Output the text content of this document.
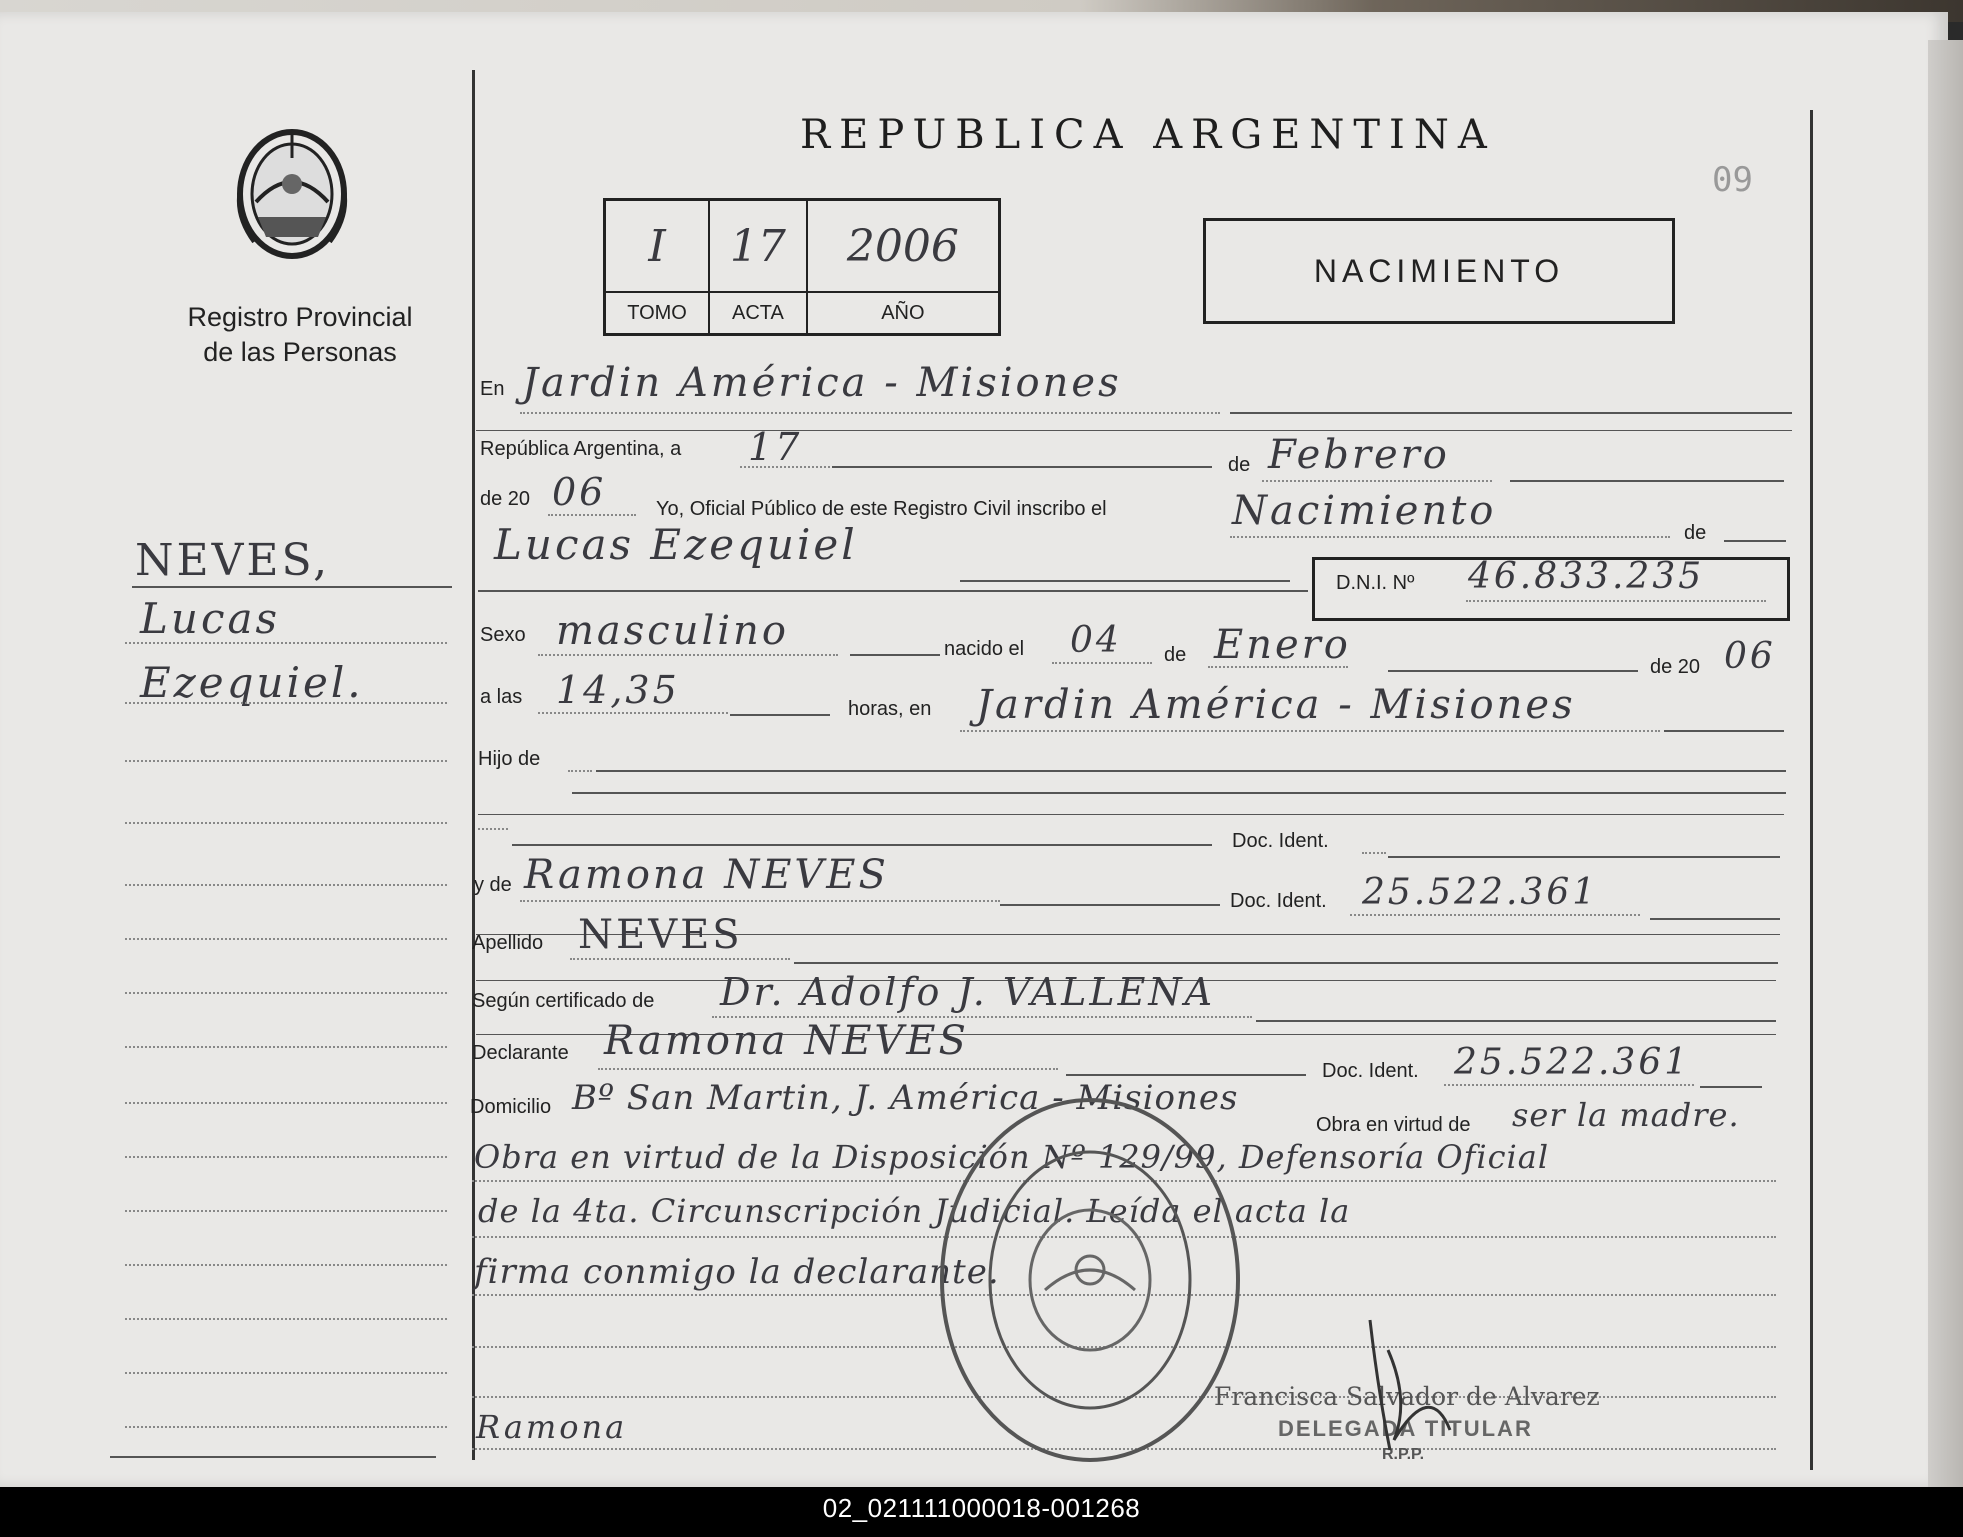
Registro Provincial
de las Personas
REPUBLICA ARGENTINA
09
I	17	2006
TOMO	ACTA	AÑO
NACIMIENTO
NEVES,
Lucas
Ezequiel.
En Jardin América - Misiones
República Argentina, a 17	de Febrero
de 20 06 Yo, Oficial Público de este Registro Civil inscribo el	Nacimiento	de
Lucas Ezequiel
D.N.I. Nº 46.833.235
Sexo masculino	nacido el 04 de Enero	de 20 06
a las 14,35	horas, en Jardin América - Misiones
Hijo de
Doc. Ident.
y de Ramona NEVES
Doc. Ident. 25.522.361
Apellido NEVES
Según certificado de Dr. Adolfo J. VALLENA
Declarante Ramona NEVES
Doc. Ident. 25.522.361
Domicilio Bº San Martin, J. América - Misiones
Obra en virtud de ser la madre.
Obra en virtud de la Disposición Nº 129/99, Defensoría Oficial
de la 4ta. Circunscripción Judicial. Leída el acta la
firma conmigo la declarante.
Ramona
Francisca Salvador de Alvarez
DELEGADA TITULAR
R.P.P.
02_021111000018-001268
